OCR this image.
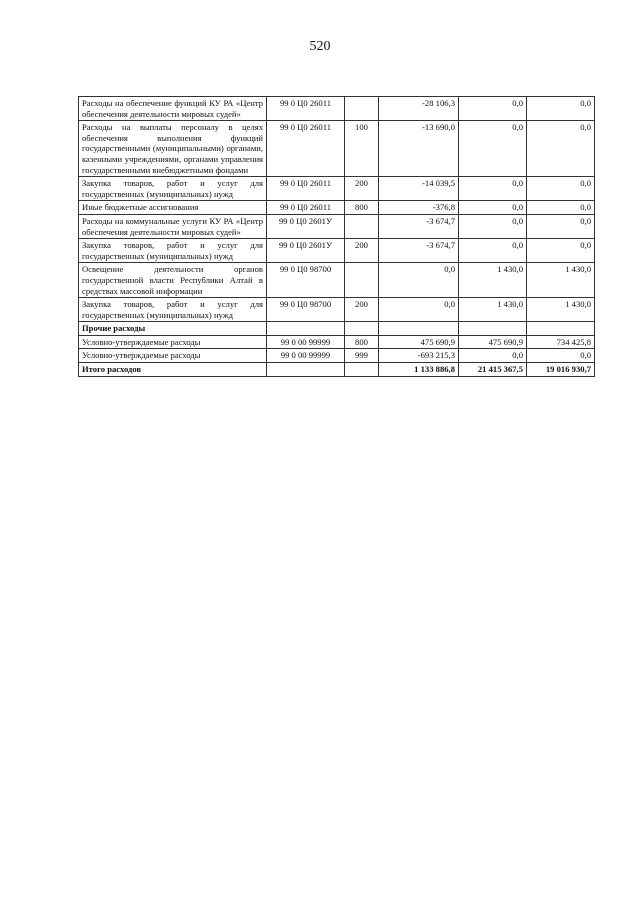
520
Расходы на обеспечение функций КУ РА «Центр обеспечения деятельности мировых судей»	99 0 Ц0 26011		-28 106,3	0,0	0,0
Расходы на выплаты персоналу в целях обеспечения выполнения функций государственными (муниципальными) органами, казенными учреждениями, органами управления государственными внебюджетными фондами	99 0 Ц0 26011	100	-13 690,0	0,0	0,0
Закупка товаров, работ и услуг для государственных (муниципальных) нужд	99 0 Ц0 26011	200	-14 039,5	0,0	0,0
Иные бюджетные ассигнования	99 0 Ц0 26011	800	-376,8	0,0	0,0
Расходы на коммунальные услуги КУ РА «Центр обеспечения деятельности мировых судей»	99 0 Ц0 2601У		-3 674,7	0,0	0,0
Закупка товаров, работ и услуг для государственных (муниципальных) нужд	99 0 Ц0 2601У	200	-3 674,7	0,0	0,0
Освещение деятельности органов государственной власти Республики Алтай в средствах массовой информации	99 0 Ц0 98700		0,0	1 430,0	1 430,0
Закупка товаров, работ и услуг для государственных (муниципальных) нужд	99 0 Ц0 98700	200	0,0	1 430,0	1 430,0
Прочие расходы					
Условно-утверждаемые расходы	99 0 00 99999	800	475 690,9	475 690,9	734 425,8
Условно-утверждаемые расходы	99 0 00 99999	999	-693 215,3	0,0	0,0
Итого расходов			1 133 886,8	21 415 367,5	19 016 930,7
